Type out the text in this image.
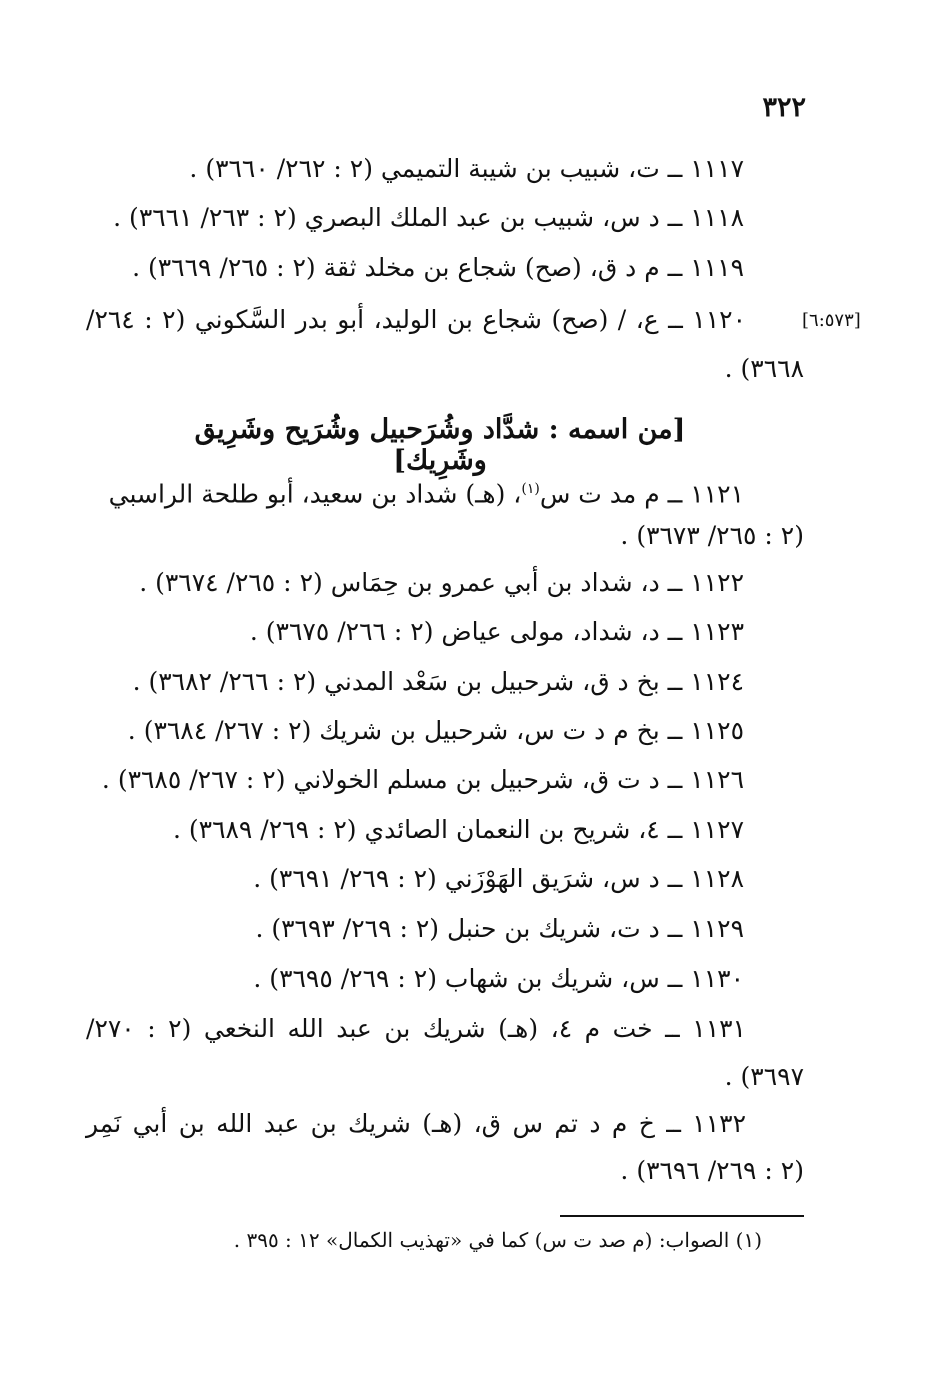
٣٢٢
١١١٧ ــ ت، شبيب بن شيبة التميمي (٢ : ٢٦٢/ ٣٦٦٠) .
١١١٨ ــ د س، شبيب بن عبد الملك البصري (٢ : ٢٦٣/ ٣٦٦١) .
١١١٩ ــ م د ق، (صح) شجاع بن مخلد ثقة (٢ : ٢٦٥/ ٣٦٦٩) .
[٦:٥٧٣]
١١٢٠ ــ ع، / (صح) شجاع بن الوليد، أبو بدر السَّكوني (٢ : ٢٦٤/
٣٦٦٨) .
[من اسمه : شدَّاد وشُرَحبيل وشُرَيح وشَرِيق وشَرِيك]
١١٢١ ــ م مد ت س$^{(١)}$، (هـ) شداد بن سعيد، أبو طلحة الراسبي
(٢ : ٢٦٥/ ٣٦٧٣) .
١١٢٢ ــ د، شداد بن أبي عمرو بن حِمَاس (٢ : ٢٦٥/ ٣٦٧٤) .
١١٢٣ ــ د، شداد، مولى عياض (٢ : ٢٦٦/ ٣٦٧٥) .
١١٢٤ ــ بخ د ق، شرحبيل بن سَعْد المدني (٢ : ٢٦٦/ ٣٦٨٢) .
١١٢٥ ــ بخ م د ت س، شرحبيل بن شريك (٢ : ٢٦٧/ ٣٦٨٤) .
١١٢٦ ــ د ت ق، شرحبيل بن مسلم الخولاني (٢ : ٢٦٧/ ٣٦٨٥) .
١١٢٧ ــ ٤، شريح بن النعمان الصائدي (٢ : ٢٦٩/ ٣٦٨٩) .
١١٢٨ ــ د س، شرَيق الهَوْزَني (٢ : ٢٦٩/ ٣٦٩١) .
١١٢٩ ــ د ت، شريك بن حنبل (٢ : ٢٦٩/ ٣٦٩٣) .
١١٣٠ ــ س، شريك بن شهاب (٢ : ٢٦٩/ ٣٦٩٥) .
١١٣١ ــ خت م ٤، (هـ) شريك بن عبد الله النخعي (٢ : ٢٧٠/
٣٦٩٧) .
١١٣٢ ــ خ م د تم س ق، (هـ) شريك بن عبد الله بن أبي نَمِر
(٢ : ٢٦٩/ ٣٦٩٦) .
(١) الصواب: (م صد ت س) كما في «تهذيب الكمال» ١٢ : ٣٩٥ .
